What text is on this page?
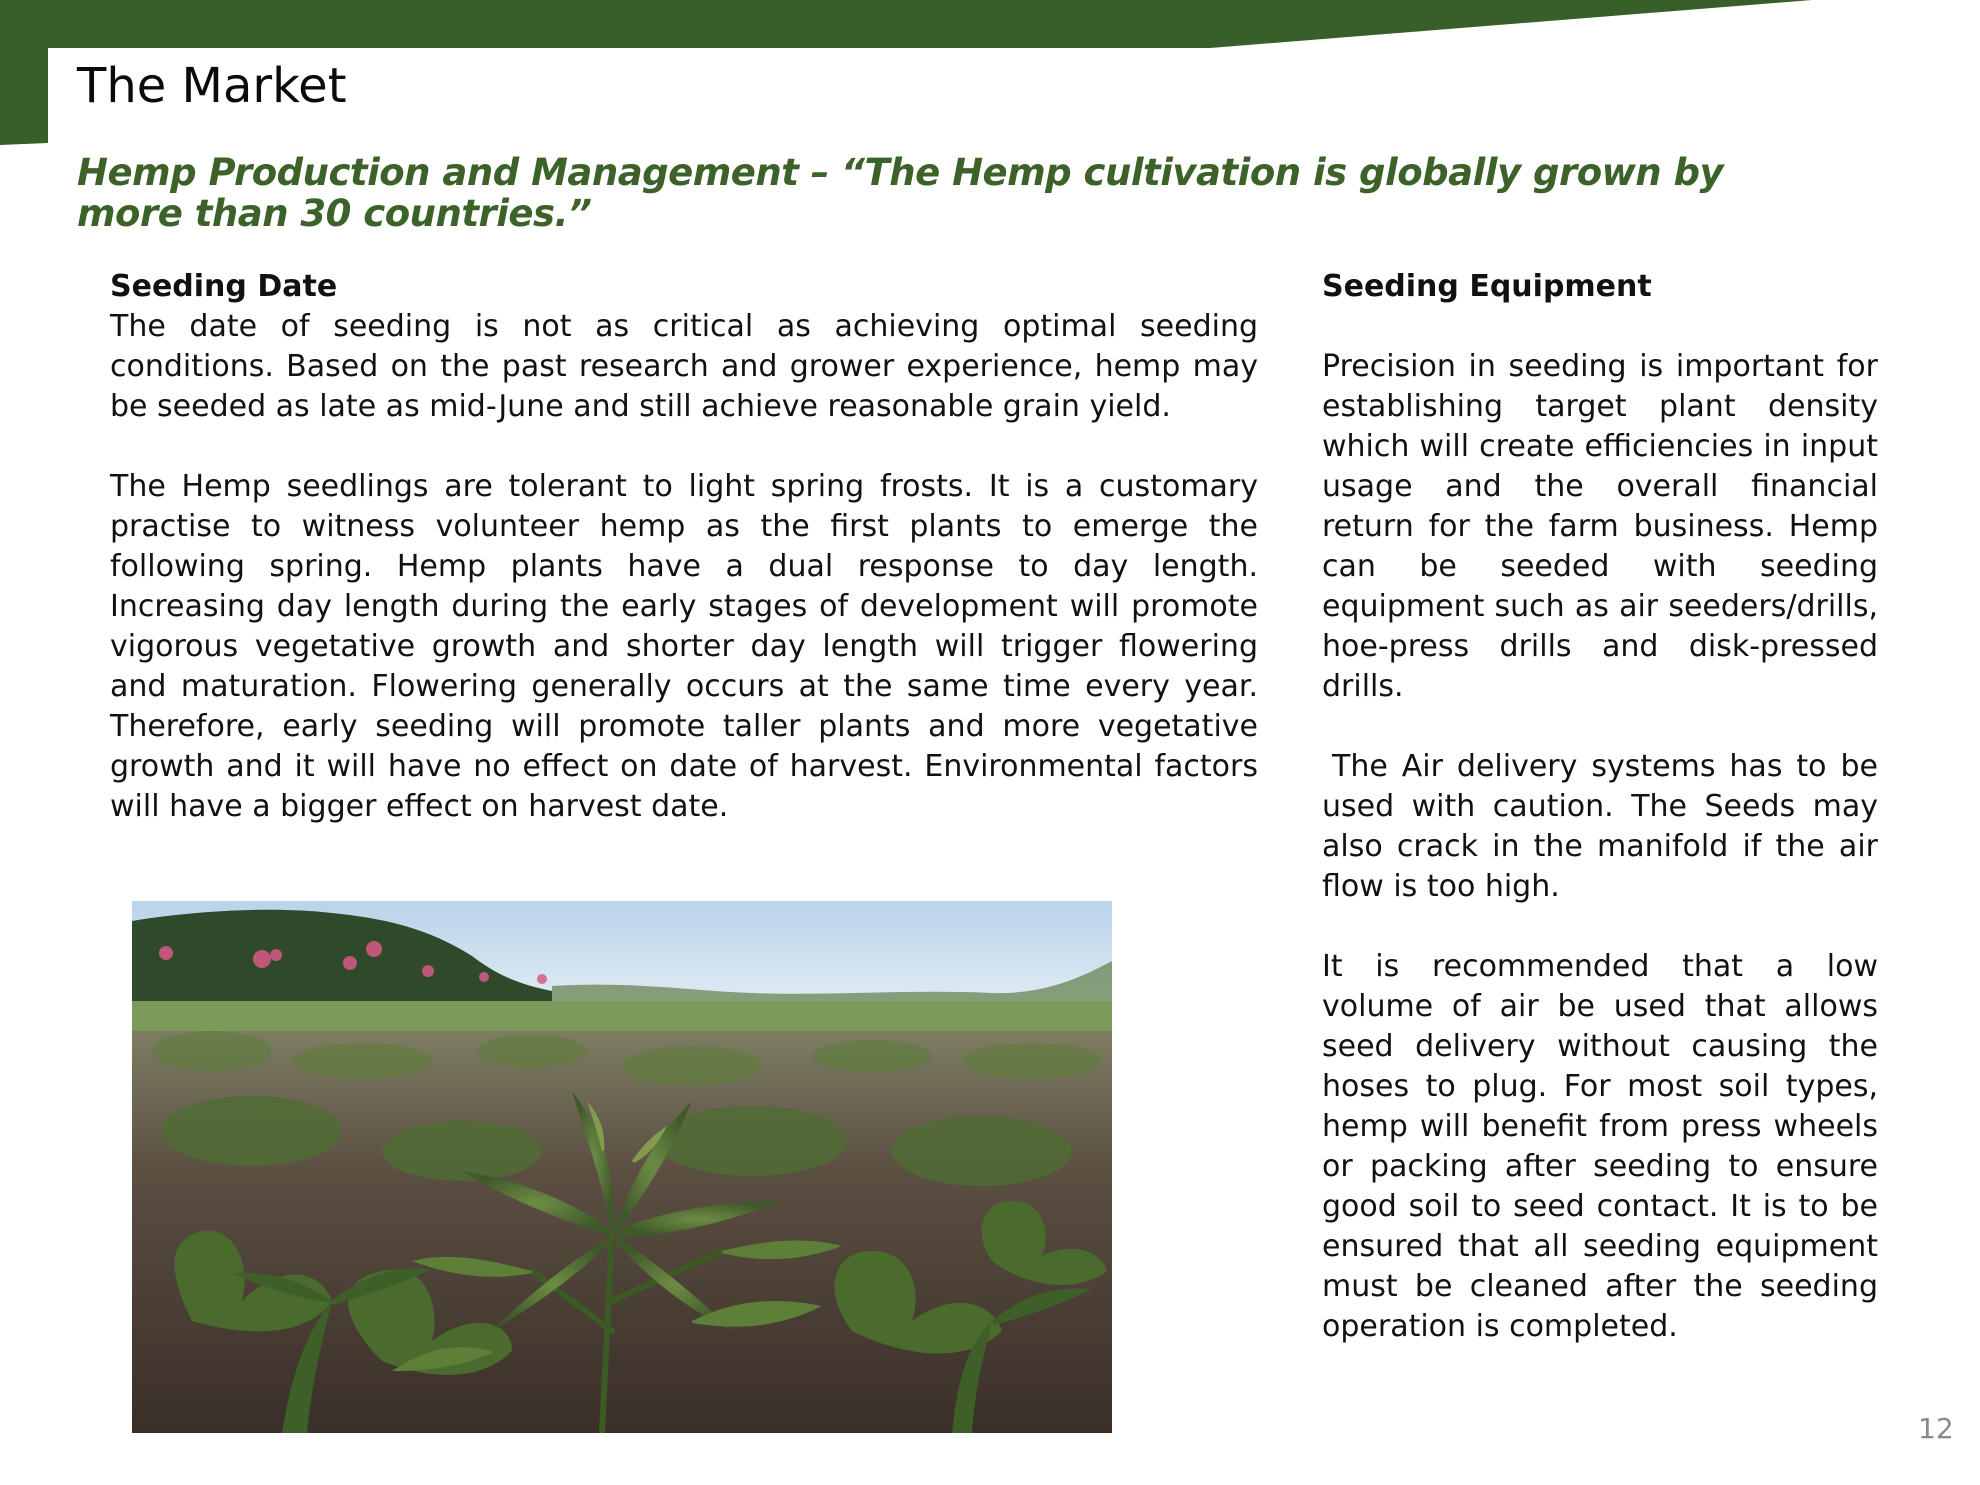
The Market
Hemp Production and Management – “The Hemp cultivation is globally grown by more than 30 countries.”
Seeding Date

The date of seeding is not as critical as achieving optimal seeding conditions. Based on the past research and grower experience, hemp may be seeded as late as mid-June and still achieve reasonable grain yield.

The Hemp seedlings are tolerant to light spring frosts. It is a customary practise to witness volunteer hemp as the first plants to emerge the following spring. Hemp plants have a dual response to day length. Increasing day length during the early stages of development will promote vigorous vegetative growth and shorter day length will trigger flowering and maturation. Flowering generally occurs at the same time every year. Therefore, early seeding will promote taller plants and more vegetative growth and it will have no effect on date of harvest. Environmental factors will have a bigger effect on harvest date.

Seeding Equipment

Precision in seeding is important for establishing target plant density which will create efficiencies in input usage and the overall financial return for the farm business. Hemp can be seeded with seeding equipment such as air seeders/drills, hoe-press drills and disk-pressed drills.

The Air delivery systems has to be used with caution. The Seeds may also crack in the manifold if the air flow is too high.

It is recommended that a low volume of air be used that allows seed delivery without causing the hoses to plug. For most soil types, hemp will benefit from press wheels or packing after seeding to ensure good soil to seed contact. It is to be ensured that all seeding equipment must be cleaned after the seeding operation is completed.

12
